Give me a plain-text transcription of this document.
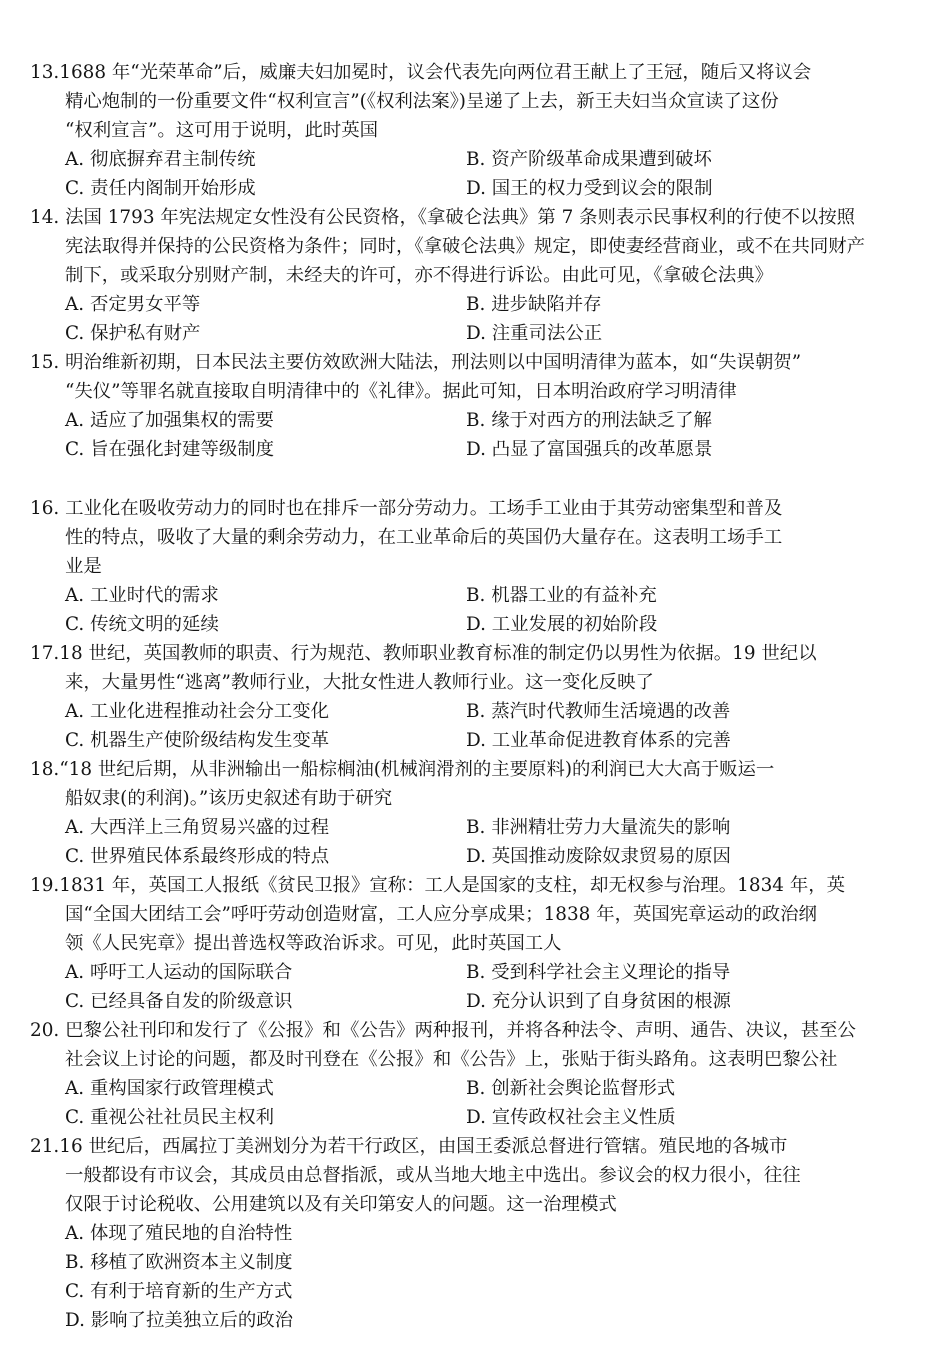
13.1688 年“光荣革命”后，威廉夫妇加冕时，议会代表先向两位君王献上了王冠，随后又将议会
精心炮制的一份重要文件“权利宣言”(《权利法案》)呈递了上去，新王夫妇当众宣读了这份
“权利宣言”。这可用于说明，此时英国
A. 彻底摒弃君主制传统	B. 资产阶级革命成果遭到破坏
C. 责任内阁制开始形成	D. 国王的权力受到议会的限制
14. 法国 1793 年宪法规定女性没有公民资格，《拿破仑法典》第 7 条则表示民事权利的行使不以按照
宪法取得并保持的公民资格为条件；同时，《拿破仑法典》规定，即使妻经营商业，或不在共同财产
制下，或采取分别财产制，未经夫的许可，亦不得进行诉讼。由此可见，《拿破仑法典》
A. 否定男女平等	B. 进步缺陷并存
C. 保护私有财产	D. 注重司法公正
15. 明治维新初期，日本民法主要仿效欧洲大陆法，刑法则以中国明清律为蓝本，如“失误朝贺”
“失仪”等罪名就直接取自明清律中的《礼律》。据此可知，日本明治政府学习明清律
A. 适应了加强集权的需要	B. 缘于对西方的刑法缺乏了解
C. 旨在强化封建等级制度	D. 凸显了富国强兵的改革愿景
16. 工业化在吸收劳动力的同时也在排斥一部分劳动力。工场手工业由于其劳动密集型和普及
性的特点，吸收了大量的剩余劳动力，在工业革命后的英国仍大量存在。这表明工场手工
业是
A. 工业时代的需求	B. 机器工业的有益补充
C. 传统文明的延续	D. 工业发展的初始阶段
17.18 世纪，英国教师的职责、行为规范、教师职业教育标准的制定仍以男性为依据。19 世纪以
来，大量男性“逃离”教师行业，大批女性进人教师行业。这一变化反映了
A. 工业化进程推动社会分工变化	B. 蒸汽时代教师生活境遇的改善
C. 机器生产使阶级结构发生变革	D. 工业革命促进教育体系的完善
18.“18 世纪后期，从非洲输出一船棕榈油(机械润滑剂的主要原料)的利润已大大高于贩运一
船奴隶(的利润)。”该历史叙述有助于研究
A. 大西洋上三角贸易兴盛的过程	B. 非洲精壮劳力大量流失的影响
C. 世界殖民体系最终形成的特点	D. 英国推动废除奴隶贸易的原因
19.1831 年，英国工人报纸《贫民卫报》宣称：工人是国家的支柱，却无权参与治理。1834 年，英
国“全国大团结工会”呼吁劳动创造财富，工人应分享成果；1838 年，英国宪章运动的政治纲
领《人民宪章》提出普选权等政治诉求。可见，此时英国工人
A. 呼吁工人运动的国际联合	B. 受到科学社会主义理论的指导
C. 已经具备自发的阶级意识	D. 充分认识到了自身贫困的根源
20. 巴黎公社刊印和发行了《公报》和《公告》两种报刊，并将各种法令、声明、通告、决议，甚至公
社会议上讨论的问题，都及时刊登在《公报》和《公告》上，张贴于街头路角。这表明巴黎公社
A. 重构国家行政管理模式	B. 创新社会舆论监督形式
C. 重视公社社员民主权利	D. 宣传政权社会主义性质
21.16 世纪后，西属拉丁美洲划分为若干行政区，由国王委派总督进行管辖。殖民地的各城市
一般都设有市议会，其成员由总督指派，或从当地大地主中选出。参议会的权力很小，往往
仅限于讨论税收、公用建筑以及有关印第安人的问题。这一治理模式
A. 体现了殖民地的自治特性
B. 移植了欧洲资本主义制度
C. 有利于培育新的生产方式
D. 影响了拉美独立后的政治
